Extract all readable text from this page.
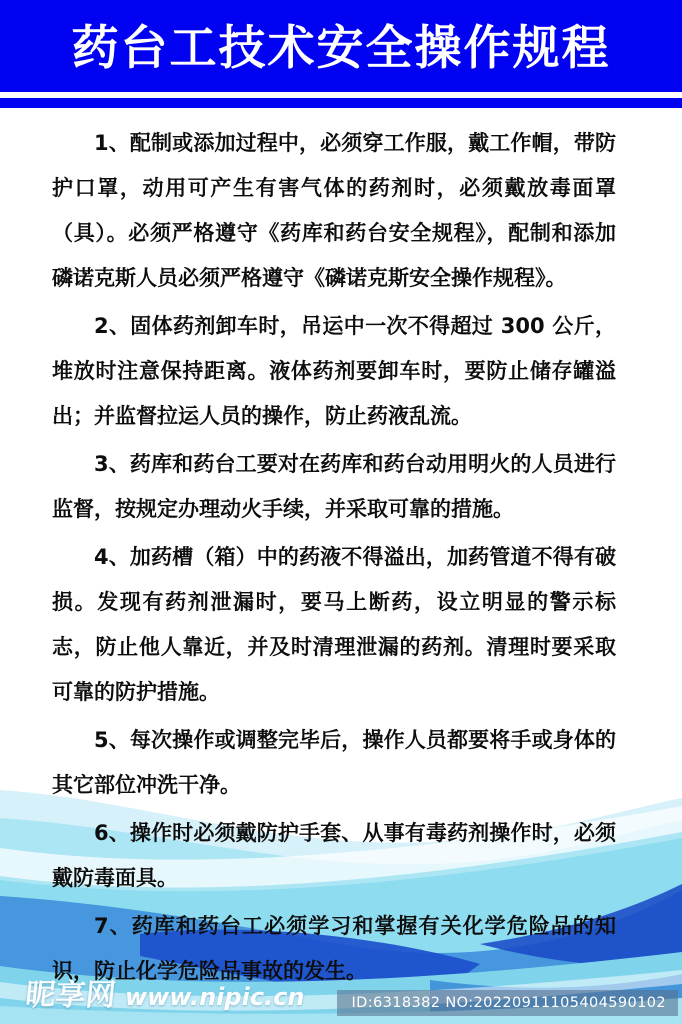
药台工技术安全操作规程

1、配制或添加过程中，必须穿工作服，戴工作帽，带防护口罩，动用可产生有害气体的药剂时，必须戴放毒面罩（具）。必须严格遵守《药库和药台安全规程》，配制和添加磷诺克斯人员必须严格遵守《磷诺克斯安全操作规程》。

2、固体药剂卸车时，吊运中一次不得超过 300 公斤，堆放时注意保持距离。液体药剂要卸车时，要防止储存罐溢出；并监督拉运人员的操作，防止药液乱流。

3、药库和药台工要对在药库和药台动用明火的人员进行监督，按规定办理动火手续，并采取可靠的措施。

4、加药槽（箱）中的药液不得溢出，加药管道不得有破损。发现有药剂泄漏时，要马上断药，设立明显的警示标志，防止他人靠近，并及时清理泄漏的药剂。清理时要采取可靠的防护措施。

5、每次操作或调整完毕后，操作人员都要将手或身体的其它部位冲洗干净。

6、操作时必须戴防护手套、从事有毒药剂操作时，必须戴防毒面具。

7、药库和药台工必须学习和掌握有关化学危险品的知识，防止化学危险品事故的发生。

昵享网 www.nipic.cn	ID:6318382 NO:20220911105404590102
